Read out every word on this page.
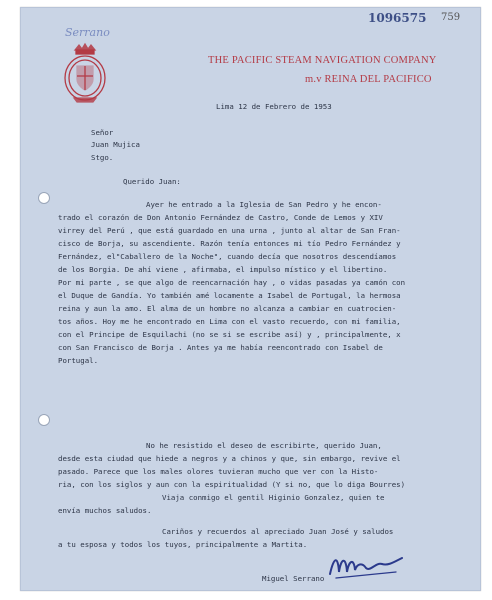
Serrano
1096575 759
THE PACIFIC STEAM NAVIGATION COMPANY
m.v REINA DEL PACIFICO
Lima 12 de Febrero de 1953
Señor
Juan Mujica
Stgo.
Querido Juan:
Ayer he entrado a la Iglesia de San Pedro y he encon-
trado el corazón de Don Antonio Fernández de Castro, Conde de Lemos y XIV
virrey del Perú , que está guardado en una urna , junto al altar de San Fran-
cisco de Borja, su ascendiente. Razón tenía entonces mi tío Pedro Fernández y
Fernández, el"Caballero de la Noche", cuando decía que nosotros descendíamos
de los Borgia. De ahí viene , afirmaba, el impulso místico y el libertino.
Por mi parte , se que algo de reencarnación hay , o vidas pasadas ya camón con
el Duque de Gandía. Yo también amé locamente a Isabel de Portugal, la hermosa
reina y aun la amo. El alma de un hombre no alcanza a cambiar en cuatrocien-
tos años. Hoy me he encontrado en Lima con el vasto recuerdo, con mi familia,
con el Principe de Esquilachi (no se si se escribe así) y , principalmente, x
con San Francisco de Borja . Antes ya me había reencontrado con Isabel de
Portugal.
No he resistido el deseo de escribirte, querido Juan,
desde esta ciudad que hiede a negros y a chinos y que, sin embargo, revive el
pasado. Parece que los males olores tuvieran mucho que ver con la Histo-
ria, con los siglos y aun con la espiritualidad (Y si no, que lo diga Bourres)
Viaja conmigo el gentil Higinio Gonzalez, quien te
envía muchos saludos.
Cariños y recuerdos al apreciado Juan José y saludos
a tu esposa y todos los tuyos, principalmente a Martita.
Miguel Serrano
